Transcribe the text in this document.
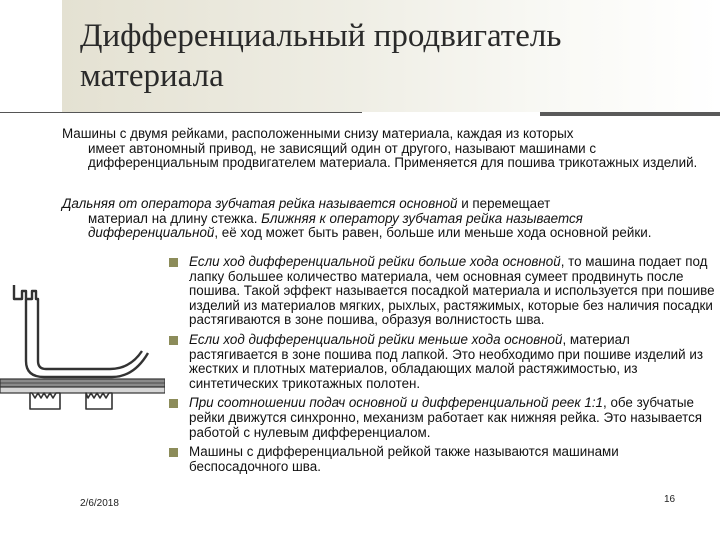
Дифференциальный продвигатель
материала
Машины с двумя рейками, расположенными снизу материала, каждая из которых
имеет автономный привод, не зависящий один от другого, называют машинами с дифференциальным продвигателем материала. Применяется для пошива трикотажных изделий.
Дальняя от оператора зубчатая рейка называется основной и перемещает
материал на длину стежка. Ближняя к оператору зубчатая рейка называется дифференциальной, её ход может быть равен, больше или меньше хода основной рейки.
Если ход дифференциальной рейки больше хода основной, то машина подает под лапку большее количество материала, чем основная сумеет продвинуть после пошива. Такой эффект называется посадкой материала и используется при пошиве изделий из материалов мягких, рыхлых, растяжимых, которые без наличия посадки растягиваются в зоне пошива, образуя волнистость шва.
Если ход дифференциальной рейки меньше хода основной, материал растягивается в зоне пошива под лапкой. Это необходимо при пошиве изделий из жестких и плотных материалов, обладающих малой растяжимостью, из синтетических трикотажных полотен.
При соотношении подач основной и дифференциальной реек 1:1, обе зубчатые рейки движутся синхронно, механизм работает как нижняя рейка. Это называется работой с нулевым дифференциалом.
Машины с дифференциальной рейкой также называются машинами беспосадочного шва.
2/6/2018	16
